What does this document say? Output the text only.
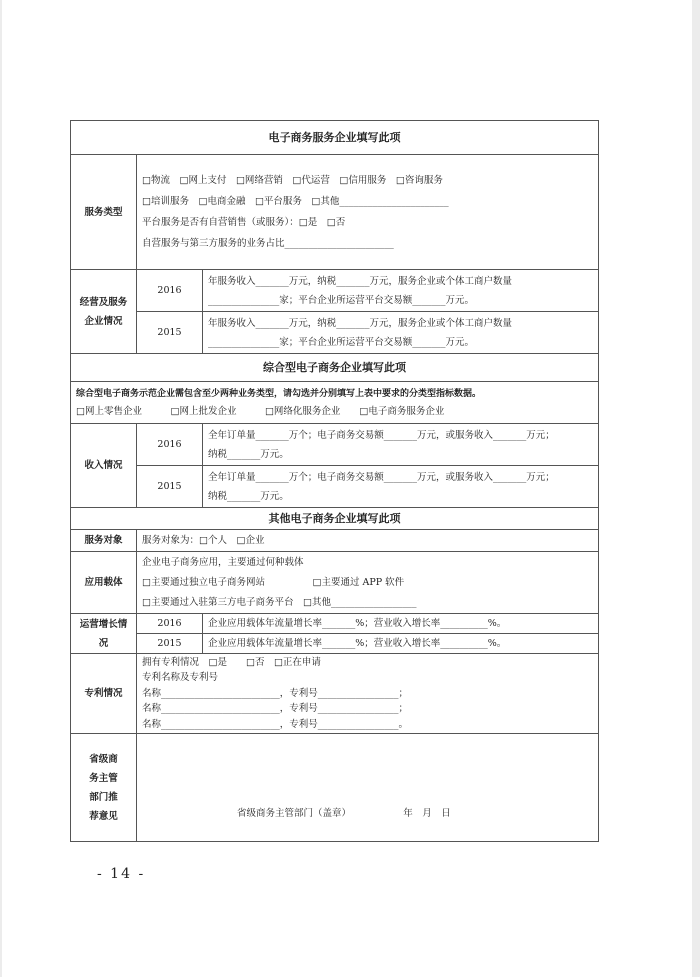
电子商务服务企业填写此项		
服务类型	□物流　□网上支付　□网络营销　□代运营　□信用服务　□咨询服务
□培训服务　□电商金融　□平台服务　□其他_______________________
平台服务是否有自营销售（或服务）：□是　□否
自营服务与第三方服务的业务占比_______________________	

经营及服务企业情况	2016	年服务收入_______万元，纳税_______万元，服务企业或个体工商户数量
_______________家；平台企业所运营平台交易额_______万元。

	2015	年服务收入_______万元，纳税_______万元，服务企业或个体工商户数量
_______________家；平台企业所运营平台交易额_______万元。

综合型电子商务企业填写此项		

综合型电子商务示范企业需包含至少两种业务类型，请勾选并分别填写上表中要求的分类型指标数据。
□网上零售企业　　　□网上批发企业　　　□网络化服务企业　　□电子商务服务企业		

收入情况	2016	全年订单量_______万个；电子商务交易额_______万元，或服务收入_______万元；
纳税_______万元。

	2015	全年订单量_______万个；电子商务交易额_______万元，或服务收入_______万元；
纳税_______万元。

其他电子商务企业填写此项		
服务对象	服务对象为：□个人　□企业	
应用载体	企业电子商务应用，主要通过何种载体
□主要通过独立电子商务网站　　　　　□主要通过 APP 软件
□主要通过入驻第三方电子商务平台　□其他__________________	

运营增长情况	2016	企业应用载体年流量增长率_______%；营业收入增长率__________%。
	2015	企业应用载体年流量增长率_______%；营业收入增长率__________%。
专利情况	拥有专利情况　□是　　□否　□正在申请
专利名称及专利号
名称_________________________，专利号_________________；
名称_________________________，专利号_________________；
名称_________________________，专利号_________________。	

省级商务主管部门推荐意见	省级商务主管部门（盖章）　　　　　　年　月　日	
- 14 -
